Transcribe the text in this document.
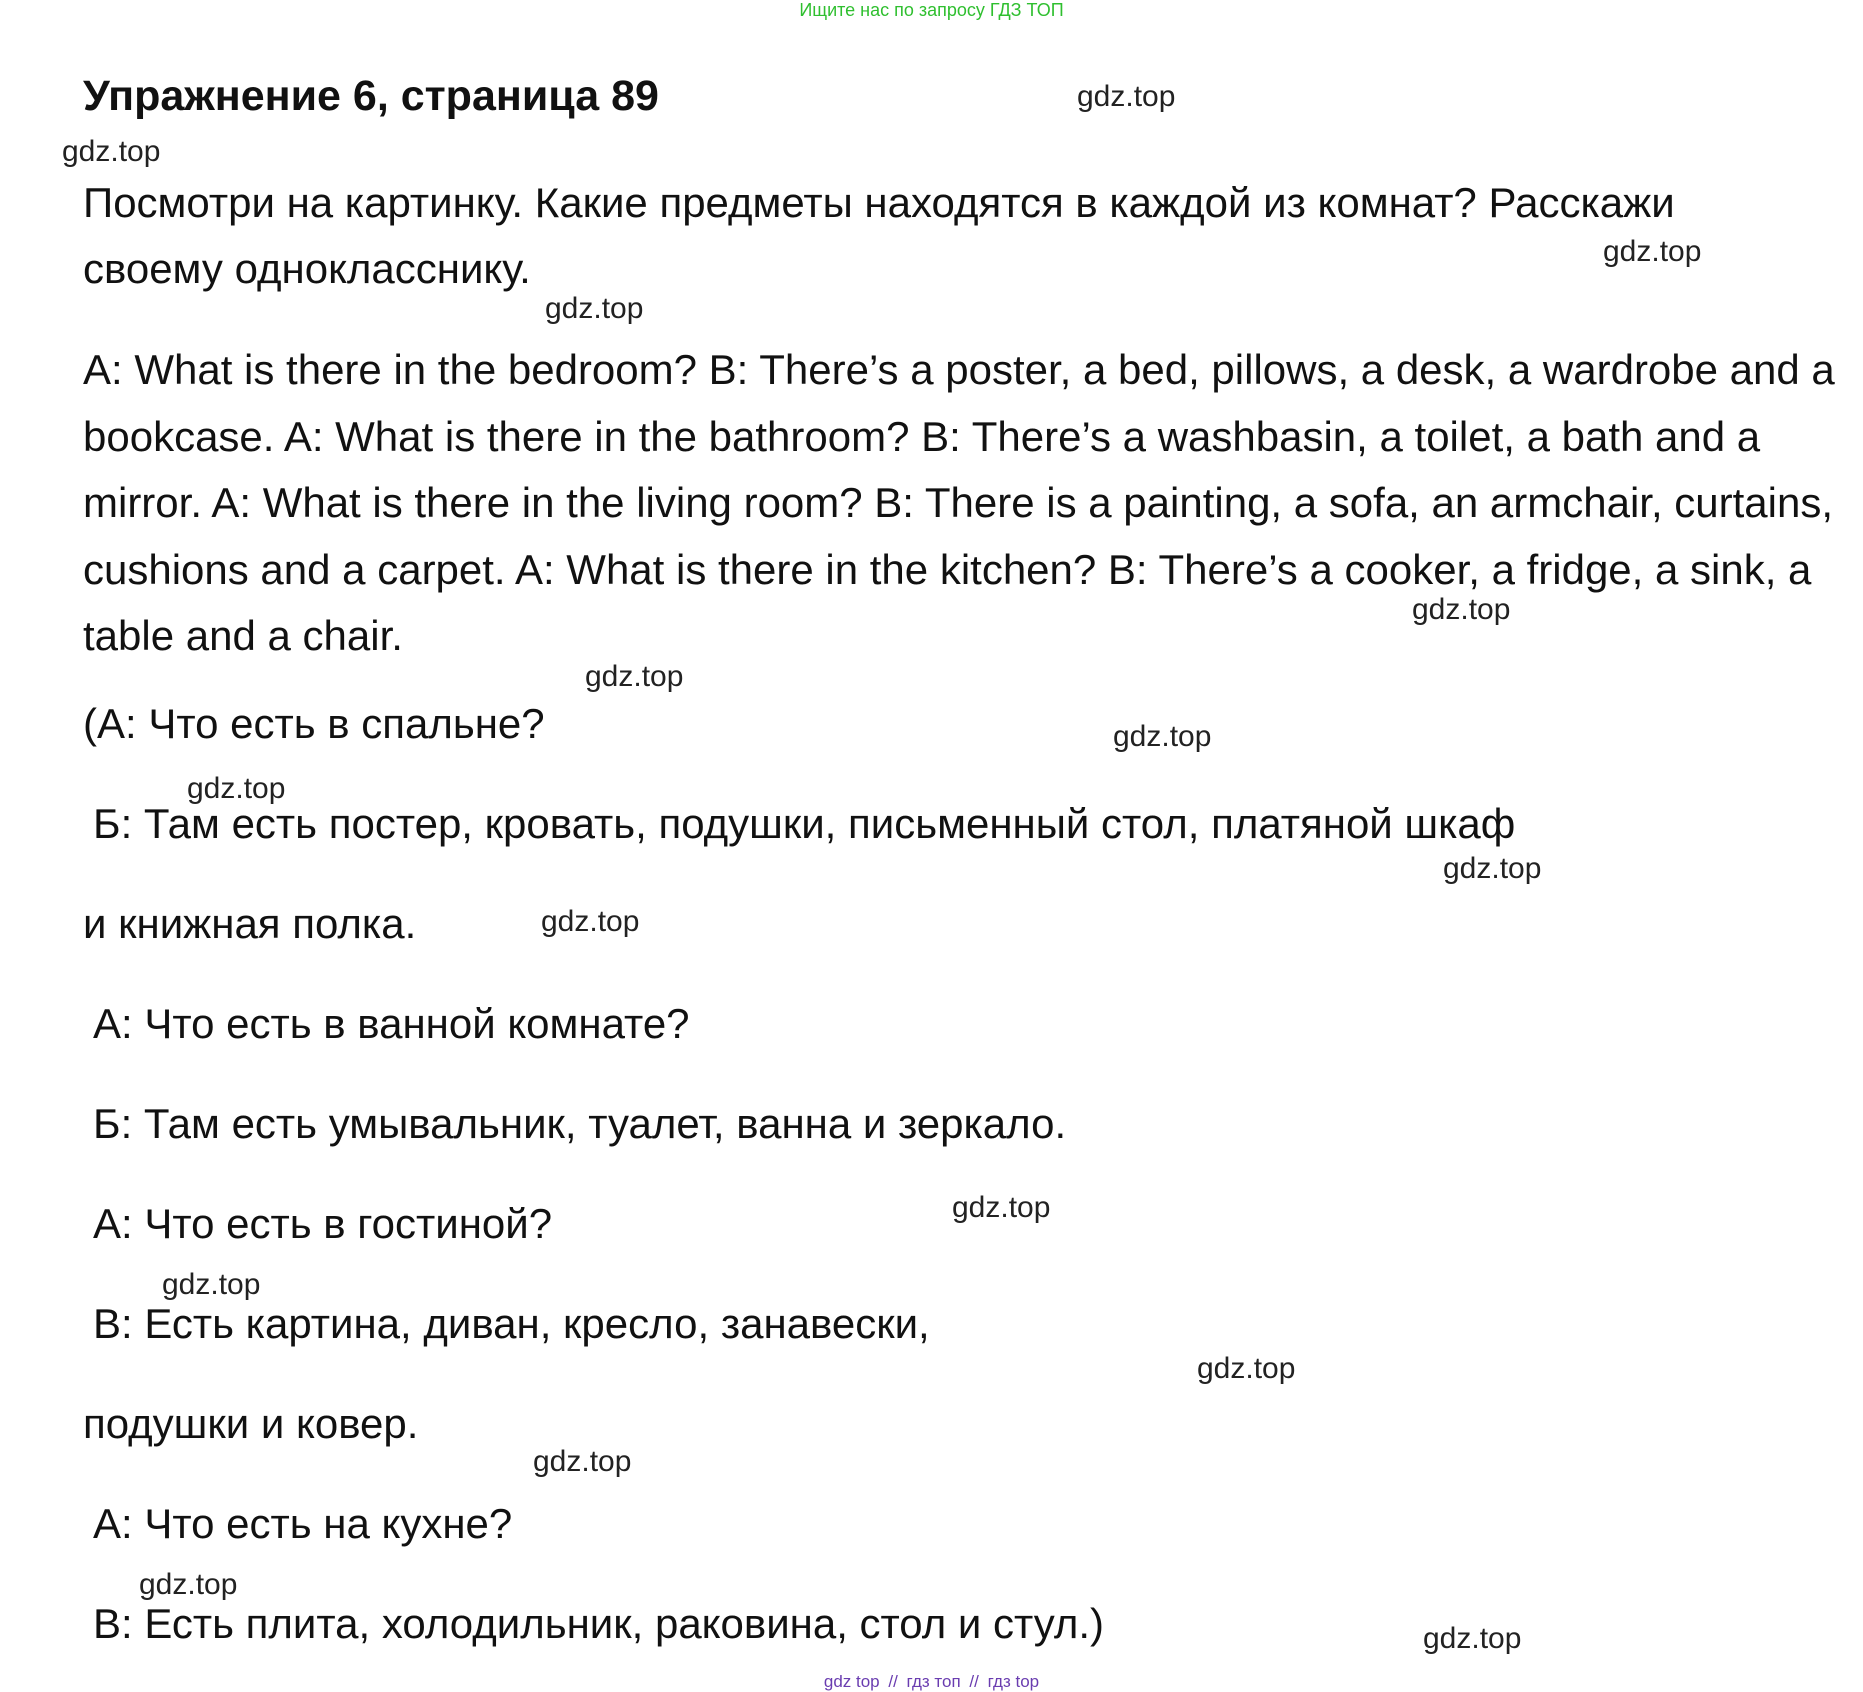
Ищите нас по запросу ГДЗ ТОП
Упражнение 6, страница 89
Посмотри на картинку. Какие предметы находятся в каждой из комнат? Расскажи своему однокласснику.
A: What is there in the bedroom? B: There’s a poster, a bed, pillows, a desk, a wardrobe and a bookcase. A: What is there in the bathroom? B: There’s a washbasin, a toilet, a bath and a mirror. A: What is there in the living room? B: There is a painting, a sofa, an armchair, curtains, cushions and a carpet. A: What is there in the kitchen? B: There’s a cooker, a fridge, a sink, a table and a chair.
(А: Что есть в спальне?
Б: Там есть постер, кровать, подушки, письменный стол, платяной шкаф
и книжная полка.
А: Что есть в ванной комнате?
Б: Там есть умывальник, туалет, ванна и зеркало.
А: Что есть в гостиной?
В: Есть картина, диван, кресло, занавески,
подушки и ковер.
А: Что есть на кухне?
В: Есть плита, холодильник, раковина, стол и стул.)
gdz.top
gdz.top
gdz.top
gdz.top
gdz.top
gdz.top
gdz.top
gdz.top
gdz.top
gdz.top
gdz.top
gdz.top
gdz.top
gdz.top
gdz.top
gdz.top
gdz top // гдз топ // гдз top
